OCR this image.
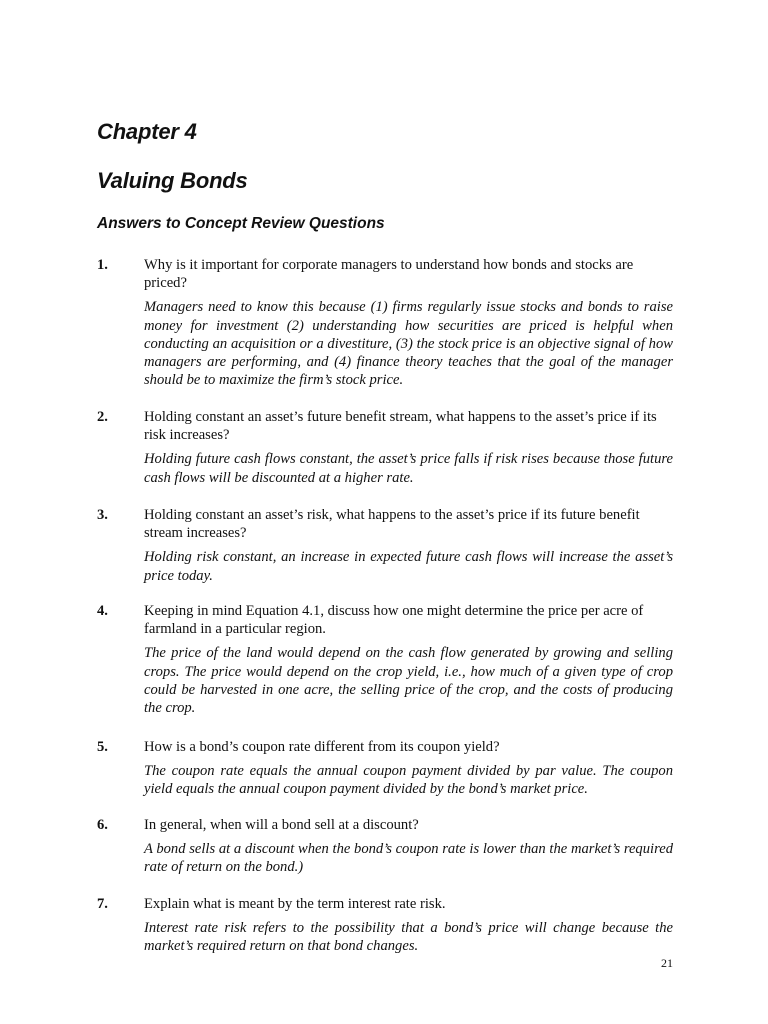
Chapter 4
Valuing Bonds
Answers to Concept Review Questions
1. Why is it important for corporate managers to understand how bonds and stocks are priced?

Managers need to know this because (1) firms regularly issue stocks and bonds to raise money for investment (2) understanding how securities are priced is helpful when conducting an acquisition or a divestiture, (3) the stock price is an objective signal of how managers are performing, and (4) finance theory teaches that the goal of the manager should be to maximize the firm’s stock price.

2. Holding constant an asset’s future benefit stream, what happens to the asset’s price if its risk increases?

Holding future cash flows constant, the asset’s price falls if risk rises because those future cash flows will be discounted at a higher rate.

3. Holding constant an asset’s risk, what happens to the asset’s price if its future benefit stream increases?

Holding risk constant, an increase in expected future cash flows will increase the asset’s price today.

4. Keeping in mind Equation 4.1, discuss how one might determine the price per acre of farmland in a particular region.

The price of the land would depend on the cash flow generated by growing and selling crops. The price would depend on the crop yield, i.e., how much of a given type of crop could be harvested in one acre, the selling price of the crop, and the costs of producing the crop.

5. How is a bond’s coupon rate different from its coupon yield?

The coupon rate equals the annual coupon payment divided by par value. The coupon yield equals the annual coupon payment divided by the bond’s market price.

6. In general, when will a bond sell at a discount?

A bond sells at a discount when the bond’s coupon rate is lower than the market’s required rate of return on the bond.)

7. Explain what is meant by the term interest rate risk.

Interest rate risk refers to the possibility that a bond’s price will change because the market’s required return on that bond changes.

21
